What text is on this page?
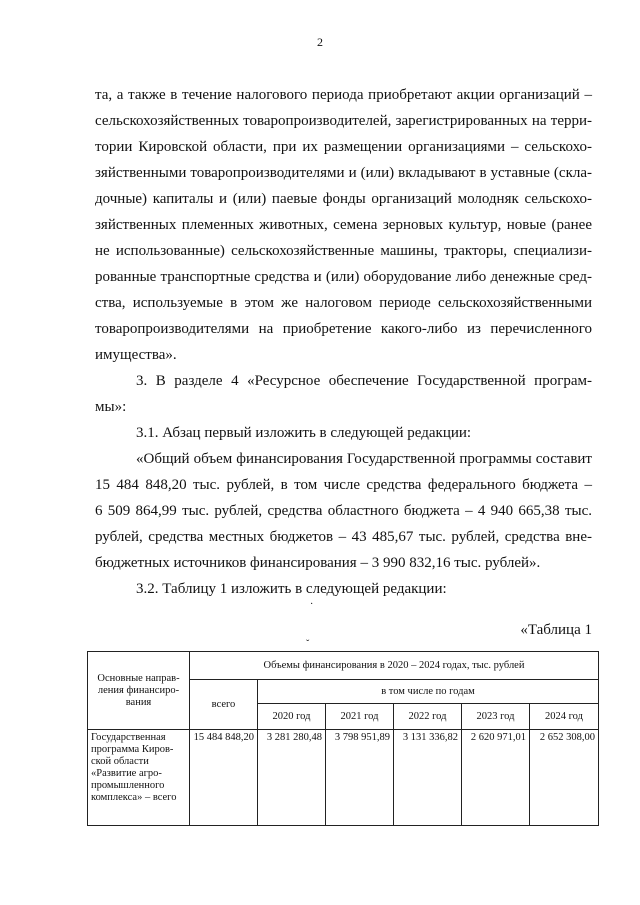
2
та, а также в течение налогового периода приобретают акции организаций –
сельскохозяйственных товаропроизводителей, зарегистрированных на терри-
тории Кировской области, при их размещении организациями – сельскохо-
зяйственными товаропроизводителями и (или) вкладывают в уставные (скла-
дочные) капиталы и (или) паевые фонды организаций молодняк сельскохо-
зяйственных племенных животных, семена зерновых культур, новые (ранее
не использованные) сельскохозяйственные машины, тракторы, специализи-
рованные транспортные средства и (или) оборудование либо денежные сред-
ства, используемые в этом же налоговом периоде сельскохозяйственными
товаропроизводителями на приобретение какого-либо из перечисленного
имущества».
3. В разделе 4 «Ресурсное обеспечение Государственной програм-
мы»:
3.1. Абзац первый изложить в следующей редакции:
«Общий объем финансирования Государственной программы составит
15 484 848,20 тыс. рублей, в том числе средства федерального бюджета –
6 509 864,99 тыс. рублей, средства областного бюджета – 4 940 665,38 тыс.
рублей, средства местных бюджетов – 43 485,67 тыс. рублей, средства вне-
бюджетных источников финансирования – 3 990 832,16 тыс. рублей».
3.2. Таблицу 1 изложить в следующей редакции:
·
«Таблица 1
ˇ
Основные направ-ления финансиро-вания	Объемы финансирования в 2020 – 2024 годах, тыс. рублей					
	всего	в том числе по годам				
		2020 год	2021 год	2022 год	2023 год	2024 год
Государственная программа Киров-ской области «Развитие агро-промышленного комплекса» – всего	15 484 848,20	3 281 280,48	3 798 951,89	3 131 336,82	2 620 971,01	2 652 308,00
